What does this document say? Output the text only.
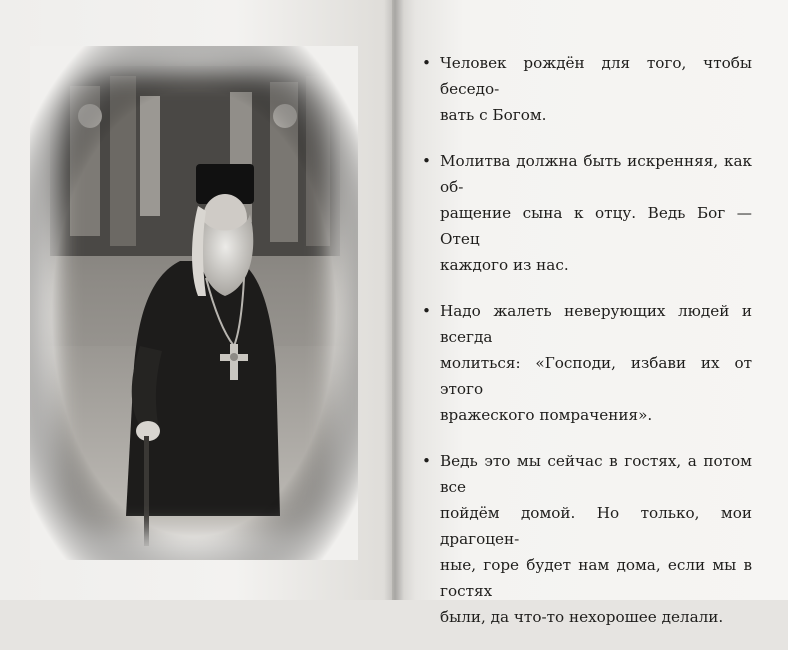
• Человек рождён для того, чтобы беседо-
вать с Богом.
• Молитва должна быть искренняя, как об-
ращение сына к отцу. Ведь Бог — Отец
каждого из нас.
• Надо жалеть неверующих людей и всегда
молиться: «Господи, избави их от этого
вражеского помрачения».
• Ведь это мы сейчас в гостях, а потом все
пойдём домой. Но только, мои драгоцен-
ные, горе будет нам дома, если мы в гостях
были, да что-то нехорошее делали.
